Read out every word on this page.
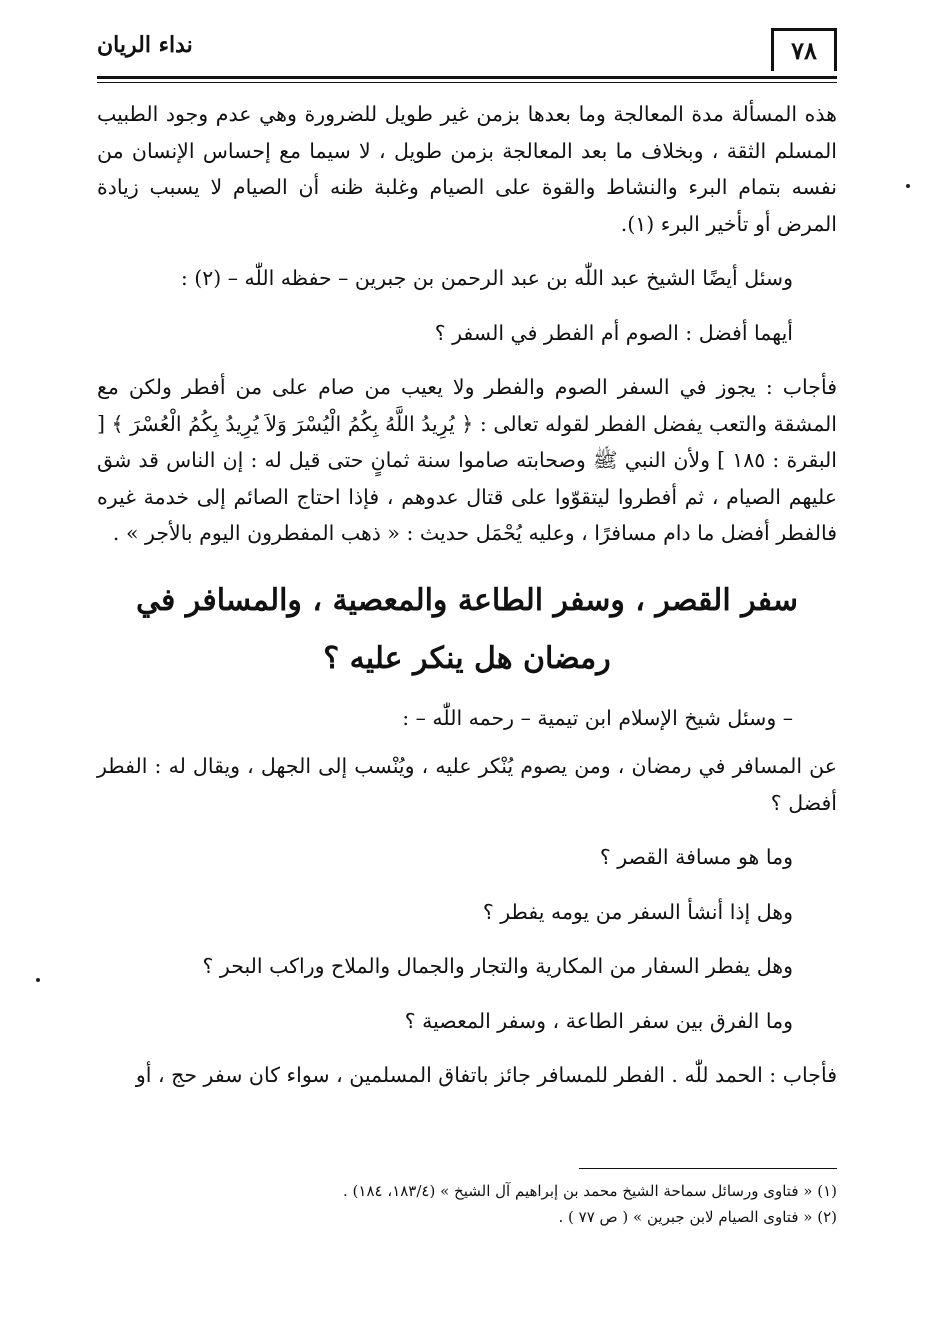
٧٨
نداء الريان

هذه المسألة مدة المعالجة وما بعدها بزمن غير طويل للضرورة وهي عدم وجود الطبيب المسلم الثقة ، وبخلاف ما بعد المعالجة بزمن طويل ، لا سيما مع إحساس الإنسان من نفسه بتمام البرء والنشاط والقوة على الصيام وغلبة ظنه أن الصيام لا يسبب زيادة المرض أو تأخير البرء (١).

وسئل أيضًا الشيخ عبد اللّٰه بن عبد الرحمن بن جبرين – حفظه اللّٰه – (٢) :

أيهما أفضل : الصوم أم الفطر في السفر ؟

فأجاب : يجوز في السفر الصوم والفطر ولا يعيب من صام على من أفطر ولكن مع المشقة والتعب يفضل الفطر لقوله تعالى : ﴿ يُرِيدُ اللَّهُ بِكُمُ الْيُسْرَ وَلاَ يُرِيدُ بِكُمُ الْعُسْرَ ﴾ [ البقرة : ١٨٥ ] ولأن النبي ﷺ وصحابته صاموا سنة ثمانٍ حتى قيل له : إن الناس قد شق عليهم الصيام ، ثم أفطروا ليتقوّوا على قتال عدوهم ، فإذا احتاج الصائم إلى خدمة غيره فالفطر أفضل ما دام مسافرًا ، وعليه يُحْمَل حديث : « ذهب المفطرون اليوم بالأجر » .

سفر القصر ، وسفر الطاعة والمعصية ، والمسافر في
رمضان هل ينكر عليه ؟

– وسئل شيخ الإسلام ابن تيمية – رحمه اللّٰه – :

عن المسافر في رمضان ، ومن يصوم يُنْكر عليه ، ويُنْسب إلى الجهل ، ويقال له : الفطر أفضل ؟

وما هو مسافة القصر ؟

وهل إذا أنشأ السفر من يومه يفطر ؟

وهل يفطر السفار من المكارية والتجار والجمال والملاح وراكب البحر ؟

وما الفرق بين سفر الطاعة ، وسفر المعصية ؟

فأجاب : الحمد للّٰه . الفطر للمسافر جائز باتفاق المسلمين ، سواء كان سفر حج ، أو

(١) « فتاوى ورسائل سماحة الشيخ محمد بن إبراهيم آل الشيخ » (١٨٣/٤، ١٨٤) .

(٢) « فتاوى الصيام لابن جبرين » ( ص ٧٧ ) .
